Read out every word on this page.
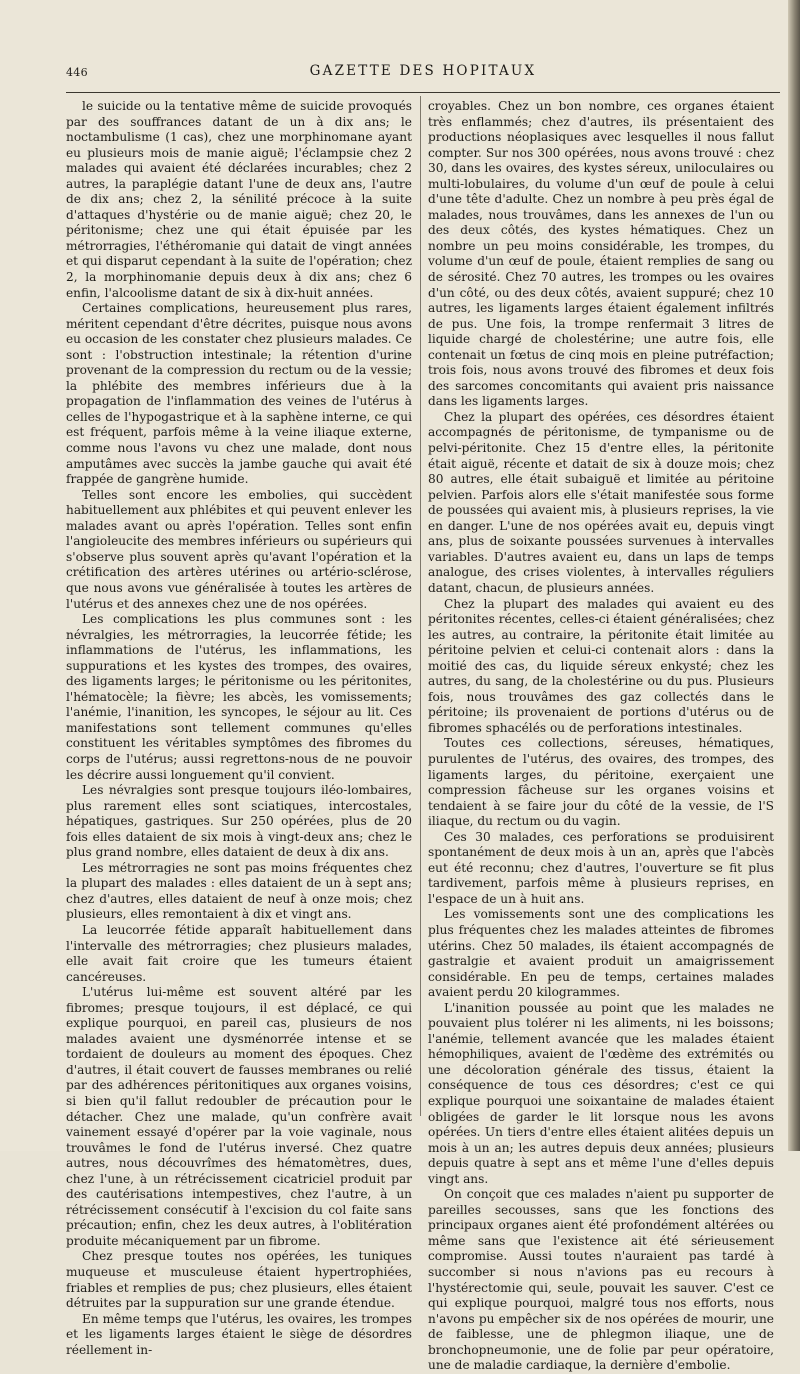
446	GAZETTE DES HOPITAUX

le suicide ou la tentative même de suicide provoqués par des souffrances datant de un à dix ans; le noctambulisme (1 cas), chez une morphinomane ayant eu plusieurs mois de manie aiguë; l'éclampsie chez 2 malades qui avaient été déclarées incurables; chez 2 autres, la paraplégie datant l'une de deux ans, l'autre de dix ans; chez 2, la sénilité précoce à la suite d'attaques d'hystérie ou de manie aiguë; chez 20, le péritonisme; chez une qui était épuisée par les métrorragies, l'éthéromanie qui datait de vingt années et qui disparut cependant à la suite de l'opération; chez 2, la morphinomanie depuis deux à dix ans; chez 6 enfin, l'alcoolisme datant de six à dix-huit années.

Certaines complications, heureusement plus rares, méritent cependant d'être décrites, puisque nous avons eu occasion de les constater chez plusieurs malades. Ce sont : l'obstruction intestinale; la rétention d'urine provenant de la compression du rectum ou de la vessie; la phlébite des membres inférieurs due à la propagation de l'inflammation des veines de l'utérus à celles de l'hypogastrique et à la saphène interne, ce qui est fréquent, parfois même à la veine iliaque externe, comme nous l'avons vu chez une malade, dont nous amputâmes avec succès la jambe gauche qui avait été frappée de gangrène humide.

Telles sont encore les embolies, qui succèdent habituellement aux phlébites et qui peuvent enlever les malades avant ou après l'opération. Telles sont enfin l'angioleucite des membres inférieurs ou supérieurs qui s'observe plus souvent après qu'avant l'opération et la crétification des artères utérines ou artério-sclérose, que nous avons vue généralisée à toutes les artères de l'utérus et des annexes chez une de nos opérées.

Les complications les plus communes sont : les névralgies, les métrorragies, la leucorrée fétide; les inflammations de l'utérus, les inflammations, les suppurations et les kystes des trompes, des ovaires, des ligaments larges; le péritonisme ou les péritonites, l'hématocèle; la fièvre; les abcès, les vomissements; l'anémie, l'inanition, les syncopes, le séjour au lit. Ces manifestations sont tellement communes qu'elles constituent les véritables symptômes des fibromes du corps de l'utérus; aussi regrettons-nous de ne pouvoir les décrire aussi longuement qu'il convient.

Les névralgies sont presque toujours iléo-lombaires, plus rarement elles sont sciatiques, intercostales, hépatiques, gastriques. Sur 250 opérées, plus de 20 fois elles dataient de six mois à vingt-deux ans; chez le plus grand nombre, elles dataient de deux à dix ans.

Les métrorragies ne sont pas moins fréquentes chez la plupart des malades : elles dataient de un à sept ans; chez d'autres, elles dataient de neuf à onze mois; chez plusieurs, elles remontaient à dix et vingt ans.

La leucorrée fétide apparaît habituellement dans l'intervalle des métrorragies; chez plusieurs malades, elle avait fait croire que les tumeurs étaient cancéreuses.

L'utérus lui-même est souvent altéré par les fibromes; presque toujours, il est déplacé, ce qui explique pourquoi, en pareil cas, plusieurs de nos malades avaient une dysménorrée intense et se tordaient de douleurs au moment des époques. Chez d'autres, il était couvert de fausses membranes ou relié par des adhérences péritonitiques aux organes voisins, si bien qu'il fallut redoubler de précaution pour le détacher. Chez une malade, qu'un confrère avait vainement essayé d'opérer par la voie vaginale, nous trouvâmes le fond de l'utérus inversé. Chez quatre autres, nous découvrîmes des hématomètres, dues, chez l'une, à un rétrécissement cicatriciel produit par des cautérisations intempestives, chez l'autre, à un rétrécissement consécutif à l'excision du col faite sans précaution; enfin, chez les deux autres, à l'oblitération produite mécaniquement par un fibrome.

Chez presque toutes nos opérées, les tuniques muqueuse et musculeuse étaient hypertrophiées, friables et remplies de pus; chez plusieurs, elles étaient détruites par la suppuration sur une grande étendue.

En même temps que l'utérus, les ovaires, les trompes et les ligaments larges étaient le siège de désordres réellement in-

croyables. Chez un bon nombre, ces organes étaient très enflammés; chez d'autres, ils présentaient des productions néoplasiques avec lesquelles il nous fallut compter. Sur nos 300 opérées, nous avons trouvé : chez 30, dans les ovaires, des kystes séreux, uniloculaires ou multi-lobulaires, du volume d'un œuf de poule à celui d'une tête d'adulte. Chez un nombre à peu près égal de malades, nous trouvâmes, dans les annexes de l'un ou des deux côtés, des kystes hématiques. Chez un nombre un peu moins considérable, les trompes, du volume d'un œuf de poule, étaient remplies de sang ou de sérosité. Chez 70 autres, les trompes ou les ovaires d'un côté, ou des deux côtés, avaient suppuré; chez 10 autres, les ligaments larges étaient également infiltrés de pus. Une fois, la trompe renfermait 3 litres de liquide chargé de cholestérine; une autre fois, elle contenait un fœtus de cinq mois en pleine putréfaction; trois fois, nous avons trouvé des fibromes et deux fois des sarcomes concomitants qui avaient pris naissance dans les ligaments larges.

Chez la plupart des opérées, ces désordres étaient accompagnés de péritonisme, de tympanisme ou de pelvi-péritonite. Chez 15 d'entre elles, la péritonite était aiguë, récente et datait de six à douze mois; chez 80 autres, elle était subaiguë et limitée au péritoine pelvien. Parfois alors elle s'était manifestée sous forme de poussées qui avaient mis, à plusieurs reprises, la vie en danger. L'une de nos opérées avait eu, depuis vingt ans, plus de soixante poussées survenues à intervalles variables. D'autres avaient eu, dans un laps de temps analogue, des crises violentes, à intervalles réguliers datant, chacun, de plusieurs années.

Chez la plupart des malades qui avaient eu des péritonites récentes, celles-ci étaient généralisées; chez les autres, au contraire, la péritonite était limitée au péritoine pelvien et celui-ci contenait alors : dans la moitié des cas, du liquide séreux enkysté; chez les autres, du sang, de la cholestérine ou du pus. Plusieurs fois, nous trouvâmes des gaz collectés dans le péritoine; ils provenaient de portions d'utérus ou de fibromes sphacélés ou de perforations intestinales.

Toutes ces collections, séreuses, hématiques, purulentes de l'utérus, des ovaires, des trompes, des ligaments larges, du péritoine, exerçaient une compression fâcheuse sur les organes voisins et tendaient à se faire jour du côté de la vessie, de l'S iliaque, du rectum ou du vagin.

Ces 30 malades, ces perforations se produisirent spontanément de deux mois à un an, après que l'abcès eut été reconnu; chez d'autres, l'ouverture se fit plus tardivement, parfois même à plusieurs reprises, en l'espace de un à huit ans.

Les vomissements sont une des complications les plus fréquentes chez les malades atteintes de fibromes utérins. Chez 50 malades, ils étaient accompagnés de gastralgie et avaient produit un amaigrissement considérable. En peu de temps, certaines malades avaient perdu 20 kilogrammes.

L'inanition poussée au point que les malades ne pouvaient plus tolérer ni les aliments, ni les boissons; l'anémie, tellement avancée que les malades étaient hémophiliques, avaient de l'œdème des extrémités ou une décoloration générale des tissus, étaient la conséquence de tous ces désordres; c'est ce qui explique pourquoi une soixantaine de malades étaient obligées de garder le lit lorsque nous les avons opérées. Un tiers d'entre elles étaient alitées depuis un mois à un an; les autres depuis deux années; plusieurs depuis quatre à sept ans et même l'une d'elles depuis vingt ans.

On conçoit que ces malades n'aient pu supporter de pareilles secousses, sans que les fonctions des principaux organes aient été profondément altérées ou même sans que l'existence ait été sérieusement compromise. Aussi toutes n'auraient pas tardé à succomber si nous n'avions pas eu recours à l'hystérectomie qui, seule, pouvait les sauver. C'est ce qui explique pourquoi, malgré tous nos efforts, nous n'avons pu empêcher six de nos opérées de mourir, une de faiblesse, une de phlegmon iliaque, une de bronchopneumonie, une de folie par peur opératoire, une de maladie cardiaque, la dernière d'embolie.
